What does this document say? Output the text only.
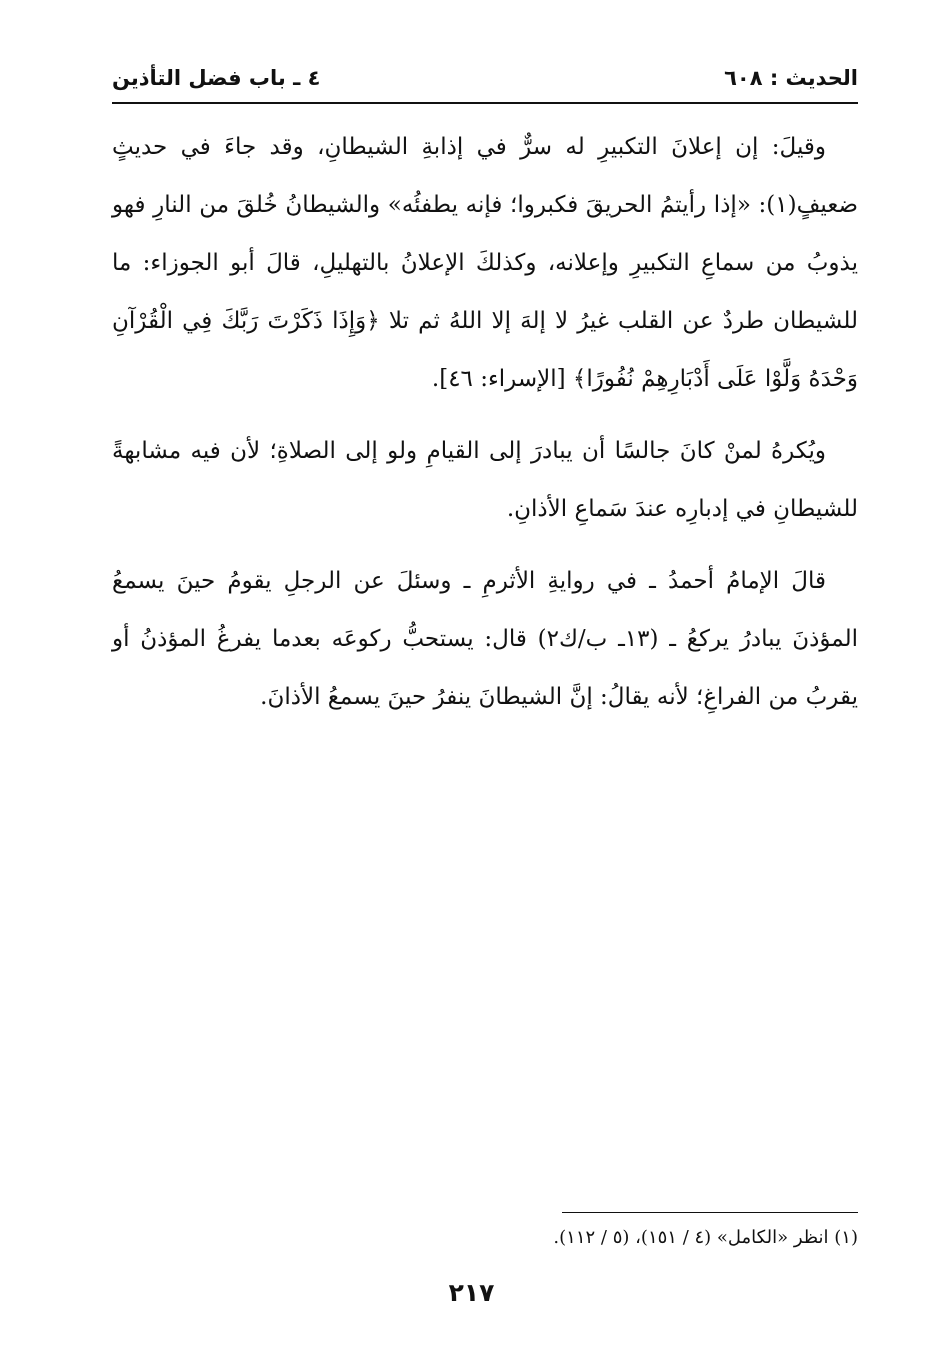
٤ ـ باب فضل التأذين	الحديث : ٦٠٨

وقيلَ: إن إعلانَ التكبيرِ له سرٌّ في إذابةِ الشيطانِ، وقد جاءَ في حديثٍ ضعيفٍ(١): «إذا رأيتمُ الحريقَ فكبروا؛ فإنه يطفئُه» والشيطانُ خُلقَ من النارِ فهو يذوبُ من سماعِ التكبيرِ وإعلانه، وكذلكَ الإعلانُ بالتهليلِ، قالَ أبو الجوزاء: ما للشيطان طردٌ عن القلب غيرُ لا إلهَ إلا اللهُ ثم تلا ﴿وَإِذَا ذَكَرْتَ رَبَّكَ فِي الْقُرْآنِ وَحْدَهُ وَلَّوْا عَلَى أَدْبَارِهِمْ نُفُورًا﴾ [الإسراء: ٤٦].

ويُكرهُ لمنْ كانَ جالسًا أن يبادرَ إلى القيامِ ولو إلى الصلاةِ؛ لأن فيه مشابهةً للشيطانِ في إدبارِه عندَ سَماعِ الأذانِ.

قالَ الإمامُ أحمدُ ـ في روايةِ الأثرمِ ـ وسئلَ عن الرجلِ يقومُ حينَ يسمعُ المؤذنَ يبادرُ يركعُ ـ (١٣ـ ب/ك٢) قال: يستحبُّ ركوعَه بعدما يفرغُ المؤذنُ أو يقربُ من الفراغِ؛ لأنه يقالُ: إنَّ الشيطانَ ينفرُ حينَ يسمعُ الأذانَ.

(١) انظر «الكامل» (٤ / ١٥١)، (٥ / ١١٢).
٢١٧
